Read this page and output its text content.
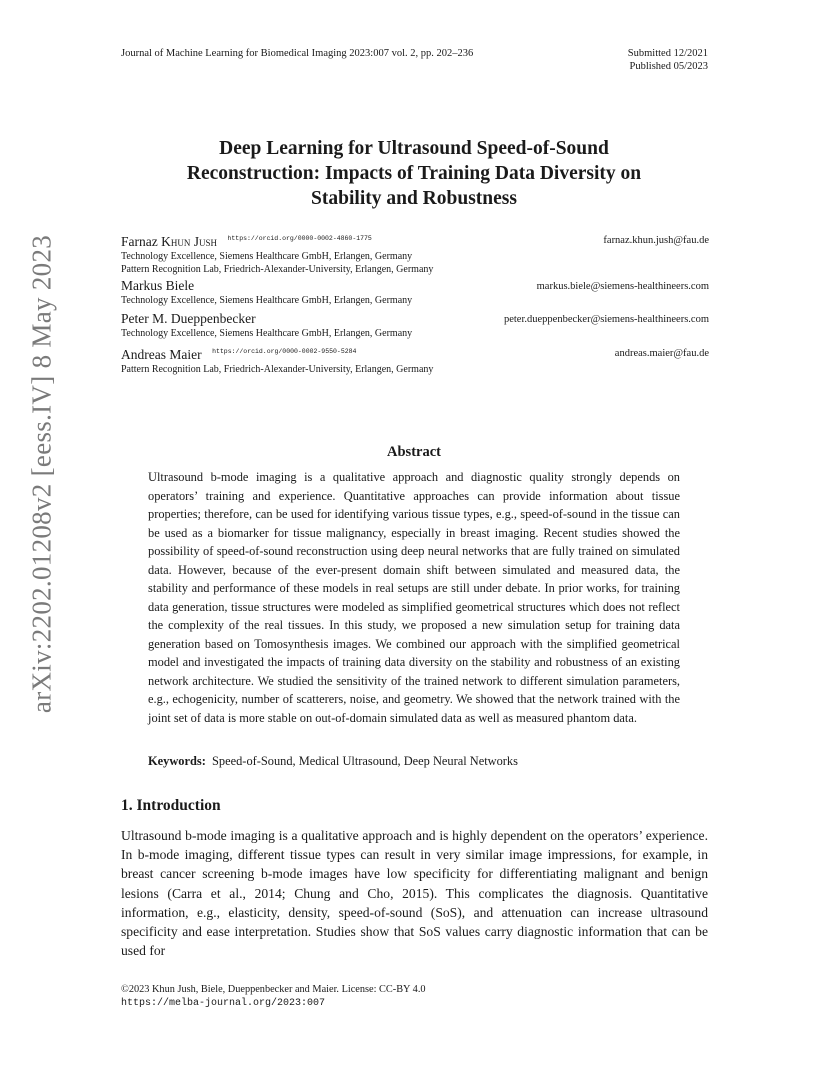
Journal of Machine Learning for Biomedical Imaging 2023:007 vol. 2, pp. 202–236	Submitted 12/2021
Published 05/2023
arXiv:2202.01208v2 [eess.IV] 8 May 2023
Deep Learning for Ultrasound Speed-of-Sound
Reconstruction: Impacts of Training Data Diversity on
Stability and Robustness
Farnaz Khun Jush $^{https://orcid.org/0000-0002-4860-1775}$	farnaz.khun.jush@fau.de
Technology Excellence, Siemens Healthcare GmbH, Erlangen, Germany
Pattern Recognition Lab, Friedrich-Alexander-University, Erlangen, Germany
Markus Biele	markus.biele@siemens-healthineers.com
Technology Excellence, Siemens Healthcare GmbH, Erlangen, Germany
Peter M. Dueppenbecker	peter.dueppenbecker@siemens-healthineers.com
Technology Excellence, Siemens Healthcare GmbH, Erlangen, Germany
Andreas Maier $^{https://orcid.org/0000-0002-9550-5284}$	andreas.maier@fau.de
Pattern Recognition Lab, Friedrich-Alexander-University, Erlangen, Germany
Abstract

Ultrasound b-mode imaging is a qualitative approach and diagnostic quality strongly depends on operators’ training and experience. Quantitative approaches can provide information about tissue properties; therefore, can be used for identifying various tissue types, e.g., speed-of-sound in the tissue can be used as a biomarker for tissue malignancy, especially in breast imaging. Recent studies showed the possibility of speed-of-sound reconstruction using deep neural networks that are fully trained on simulated data. However, because of the ever-present domain shift between simulated and measured data, the stability and performance of these models in real setups are still under debate. In prior works, for training data generation, tissue structures were modeled as simplified geometrical structures which does not reflect the complexity of the real tissues. In this study, we proposed a new simulation setup for training data generation based on Tomosynthesis images. We combined our approach with the simplified geometrical model and investigated the impacts of training data diversity on the stability and robustness of an existing network architecture. We studied the sensitivity of the trained network to different simulation parameters, e.g., echogenicity, number of scatterers, noise, and geometry. We showed that the network trained with the joint set of data is more stable on out-of-domain simulated data as well as measured phantom data.

Keywords: Speed-of-Sound, Medical Ultrasound, Deep Neural Networks
1. Introduction

Ultrasound b-mode imaging is a qualitative approach and is highly dependent on the operators’ experience. In b-mode imaging, different tissue types can result in very similar image impressions, for example, in breast cancer screening b-mode images have low specificity for differentiating malignant and benign lesions (Carra et al., 2014; Chung and Cho, 2015). This complicates the diagnosis. Quantitative information, e.g., elasticity, density, speed-of-sound (SoS), and attenuation can increase ultrasound specificity and ease interpretation. Studies show that SoS values carry diagnostic information that can be used for

©2023 Khun Jush, Biele, Dueppenbecker and Maier. License: CC-BY 4.0
https://melba-journal.org/2023:007
